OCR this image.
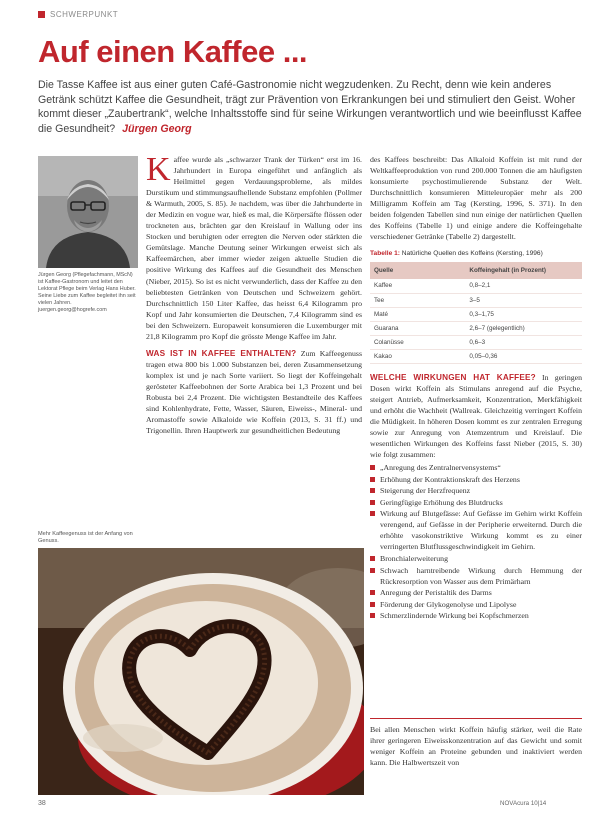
SCHWERPUNKT
Auf einen Kaffee ...
Die Tasse Kaffee ist aus einer guten Café-Gastronomie nicht wegzudenken. Zu Recht, denn wie kein anderes Getränk schützt Kaffee die Gesundheit, trägt zur Prävention von Erkrankungen bei und stimuliert den Geist. Woher kommt dieser „Zaubertrank“, welche Inhaltsstoffe sind für seine Wirkungen verantwortlich und wie beeinflusst Kaffee die Gesundheit? Jürgen Georg
Jürgen Georg (Pflegefachmann, MScN) ist Kaffee-Gastronom und leitet den Lektorat Pflege beim Verlag Hans Huber. Seine Liebe zum Kaffee begleitet ihn seit vielen Jahren. juergen.georg@hogrefe.com

K affee wurde als „schwarzer Trank der Türken“ erst im 16. Jahrhundert in Europa eingeführt und anfänglich als Heilmittel gegen Verdauungsprobleme, als mildes Durstikum und stimmungsaufhellende Substanz empfohlen (Pollmer & Warmuth, 2005, S. 85). Je nachdem, was über die Jahrhunderte in der Medizin en vogue war, hieß es mal, die Körpersäfte flössen oder trockneten aus, brächten gar den Kreislauf in Wallung oder ins Stocken und beruhigten oder erregten die Nerven oder stärkten die Gemütslage. Manche Deutung seiner Wirkungen erweist sich als Kaffeemärchen, aber immer wieder zeigen aktuelle Studien die positive Wirkung des Kaffees auf die Gesundheit des Menschen (Nieber, 2015). So ist es nicht verwunderlich, dass der Kaffee zu den beliebtesten Getränken von Deutschen und Schweizern gehört. Durchschnittlich 150 Liter Kaffee, das heisst 6,4 Kilogramm pro Kopf und Jahr konsumierten die Deutschen, 7,4 Kilogramm sind es bei den Schweizern. Europaweit konsumieren die Luxemburger mit 21,8 Kilogramm pro Kopf die grösste Menge Kaffee im Jahr.

WAS IST IN KAFFEE ENTHALTEN? Zum Kaffeegenuss tragen etwa 800 bis 1.000 Substanzen bei, deren Zusammensetzung komplex ist und je nach Sorte variiert. So liegt der Koffeingehalt gerösteter Kaffeebohnen der Sorte Arabica bei 1,3 Prozent und bei Robusta bei 2,4 Prozent. Die wichtigsten Bestandteile des Kaffees sind Kohlenhydrate, Fette, Wasser, Säuren, Eiweiss-, Mineral- und Aromastoffe sowie Alkaloide wie Koffein (2013, S. 31 ff.) und Trigonellin. Ihren Hauptwerk zur gesundheitlichen Bedeutung

des Kaffees beschreibt: Das Alkaloid Koffein ist mit rund der Weltkaffeeproduktion von rund 200.000 Tonnen die am häufigsten konsumierte psychostimulierende Substanz der Welt. Durchschnittlich konsumieren Mitteleuropäer mehr als 200 Milligramm Koffein am Tag (Kersting, 1996, S. 371). In den beiden folgenden Tabellen sind nun einige der natürlichen Quellen des Koffeins (Tabelle 1) und einige andere die Koffeingehalte verschiedener Getränke (Tabelle 2) dargestellt.

Tabelle 1: Natürliche Quellen des Koffeins (Kersting, 1996)
Quelle	Koffeingehalt (in Prozent)
Kaffee	0,8–2,1
Tee	3–5
Maté	0,3–1,75
Guarana	2,6–7 (gelegentlich)
Colanüsse	0,6–3
Kakao	0,05–0,36

WELCHE WIRKUNGEN HAT KAFFEE? In geringen Dosen wirkt Koffein als Stimulans anregend auf die Psyche, steigert Antrieb, Aufmerksamkeit, Konzentration, Merkfähigkeit und erhöht die Wachheit (Wallreak. Gleichzeitig verringert Koffein die Müdigkeit. In höheren Dosen kommt es zur zentralen Erregung sowie zur Anregung von Atemzentrum und Kreislauf. Die wesentlichen Wirkungen des Koffeins fasst Nieber (2015, S. 30) wie folgt zusammen:

„Anregung des Zentralnervensystems“
Erhöhung der Kontraktionskraft des Herzens
Steigerung der Herzfrequenz
Geringfügige Erhöhung des Blutdrucks
Wirkung auf Blutgefässe: Auf Gefässe im Gehirn wirkt Koffein verengend, auf Gefässe in der Peripherie erweiternd. Durch die erhöhte vasokonstriktive Wirkung kommt es zu einer verringerten Blutflussgeschwindigkeit im Gehirn.
Bronchialerweiterung
Schwach harntreibende Wirkung durch Hemmung der Rückresorption von Wasser aus dem Primärharn
Anregung der Peristaltik des Darms
Förderung der Glykogenolyse und Lipolyse
Schmerzlindernde Wirkung bei Kopfschmerzen
Bei allen Menschen wirkt Koffein häufig stärker, weil die Rate ihrer geringeren Eiweisskonzentration auf das Gewicht und somit weniger Koffein an Proteine gebunden und inaktiviert werden kann. Die Halbwertszeit von
Mehr Kaffeegenuss ist der Anfang von Genuss.
38	NOVAcura 10|14
